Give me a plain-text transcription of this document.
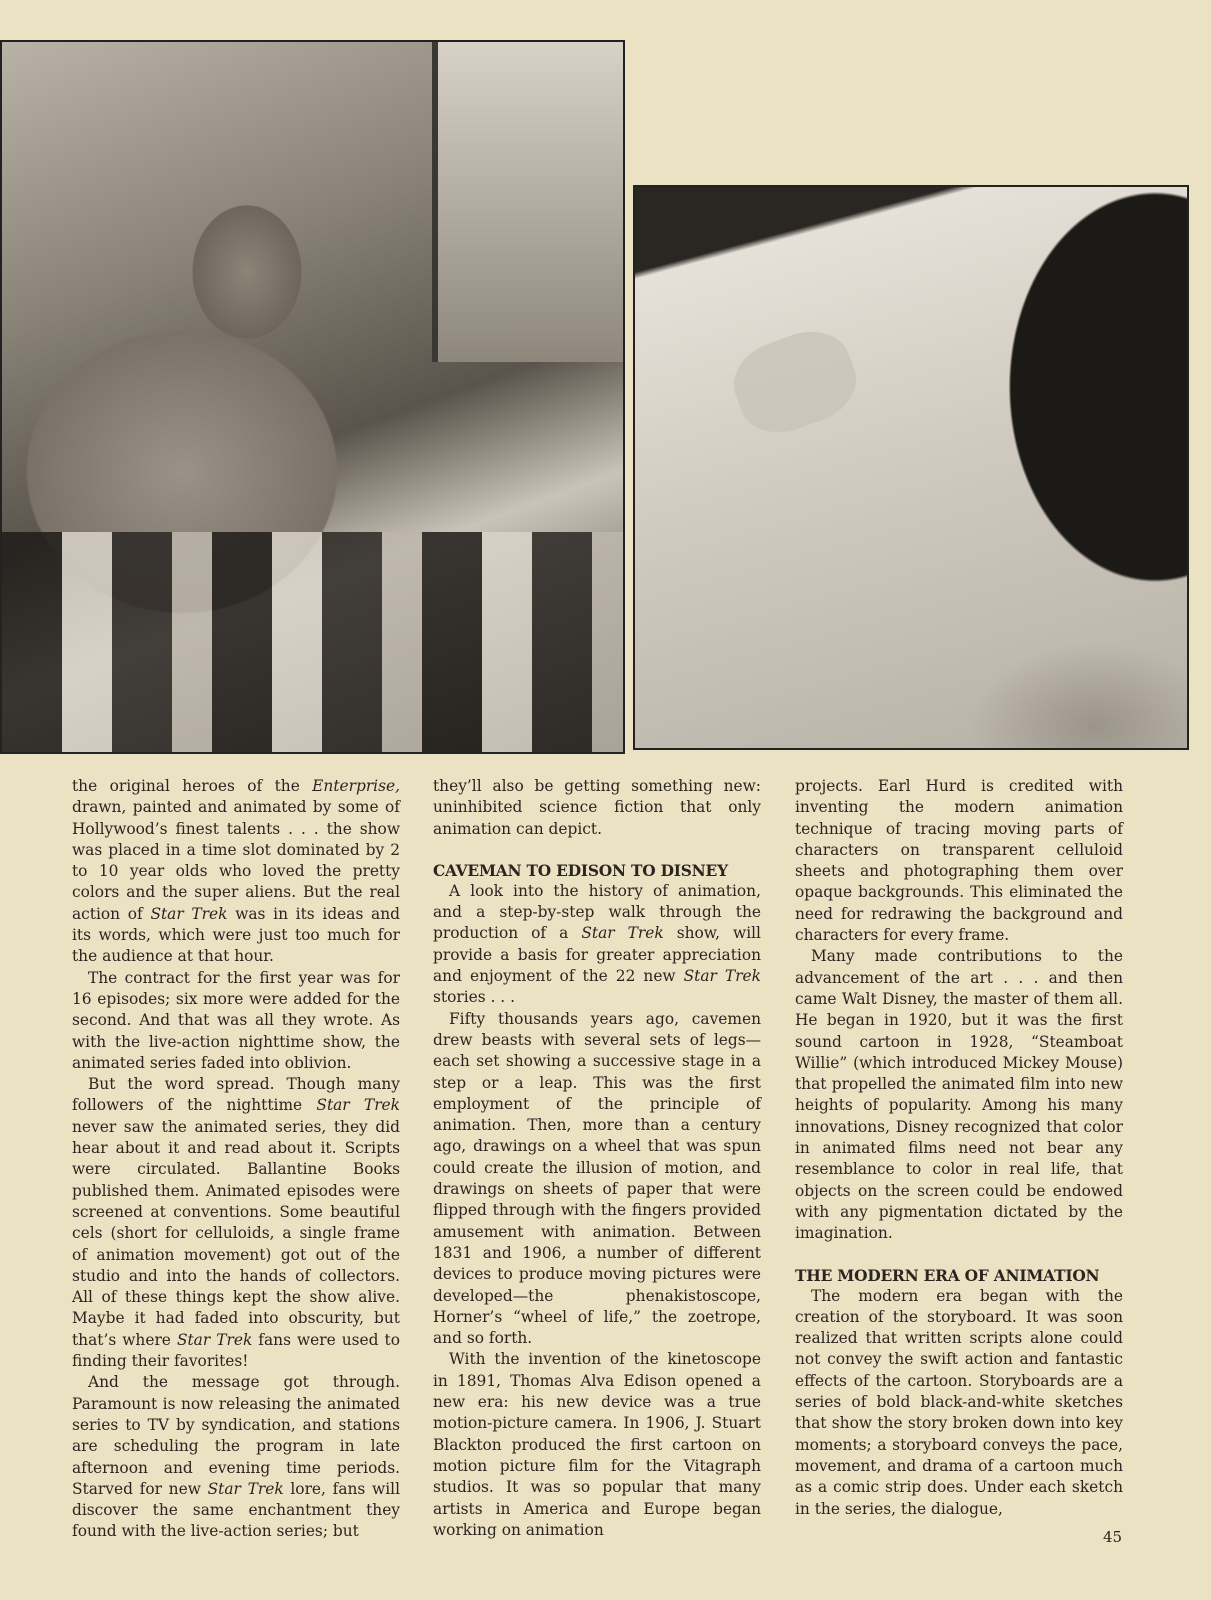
the original heroes of the Enterprise, drawn, painted and animated by some of Hollywood’s finest talents . . . the show was placed in a time slot dominated by 2 to 10 year olds who loved the pretty colors and the super aliens. But the real action of Star Trek was in its ideas and its words, which were just too much for the audience at that hour.

The contract for the first year was for 16 episodes; six more were added for the second. And that was all they wrote. As with the live-action nighttime show, the animated series faded into oblivion.

But the word spread. Though many followers of the nighttime Star Trek never saw the animated series, they did hear about it and read about it. Scripts were circulated. Ballantine Books published them. Animated episodes were screened at conventions. Some beautiful cels (short for celluloids, a single frame of animation movement) got out of the studio and into the hands of collectors. All of these things kept the show alive. Maybe it had faded into obscurity, but that’s where Star Trek fans were used to finding their favorites!

And the message got through. Paramount is now releasing the animated series to TV by syndication, and stations are scheduling the program in late afternoon and evening time periods. Starved for new Star Trek lore, fans will discover the same enchantment they found with the live-action series; but

they’ll also be getting something new: uninhibited science fiction that only animation can depict.

CAVEMAN TO EDISON TO DISNEY

A look into the history of animation, and a step-by-step walk through the production of a Star Trek show, will provide a basis for greater appreciation and enjoyment of the 22 new Star Trek stories . . .

Fifty thousands years ago, cavemen drew beasts with several sets of legs—each set showing a successive stage in a step or a leap. This was the first employment of the principle of animation. Then, more than a century ago, drawings on a wheel that was spun could create the illusion of motion, and drawings on sheets of paper that were flipped through with the fingers provided amusement with animation. Between 1831 and 1906, a number of different devices to produce moving pictures were developed—the phenakistoscope, Horner’s “wheel of life,” the zoetrope, and so forth.

With the invention of the kinetoscope in 1891, Thomas Alva Edison opened a new era: his new device was a true motion-picture camera. In 1906, J. Stuart Blackton produced the first cartoon on motion picture film for the Vitagraph studios. It was so popular that many artists in America and Europe began working on animation

projects. Earl Hurd is credited with inventing the modern animation technique of tracing moving parts of characters on transparent celluloid sheets and photographing them over opaque backgrounds. This eliminated the need for redrawing the background and characters for every frame.

Many made contributions to the advancement of the art . . . and then came Walt Disney, the master of them all. He began in 1920, but it was the first sound cartoon in 1928, “Steamboat Willie” (which introduced Mickey Mouse) that propelled the animated film into new heights of popularity. Among his many innovations, Disney recognized that color in animated films need not bear any resemblance to color in real life, that objects on the screen could be endowed with any pigmentation dictated by the imagination.

THE MODERN ERA OF ANIMATION

The modern era began with the creation of the storyboard. It was soon realized that written scripts alone could not convey the swift action and fantastic effects of the cartoon. Storyboards are a series of bold black-and-white sketches that show the story broken down into key moments; a storyboard conveys the pace, movement, and drama of a cartoon much as a comic strip does. Under each sketch in the series, the dialogue,

45
